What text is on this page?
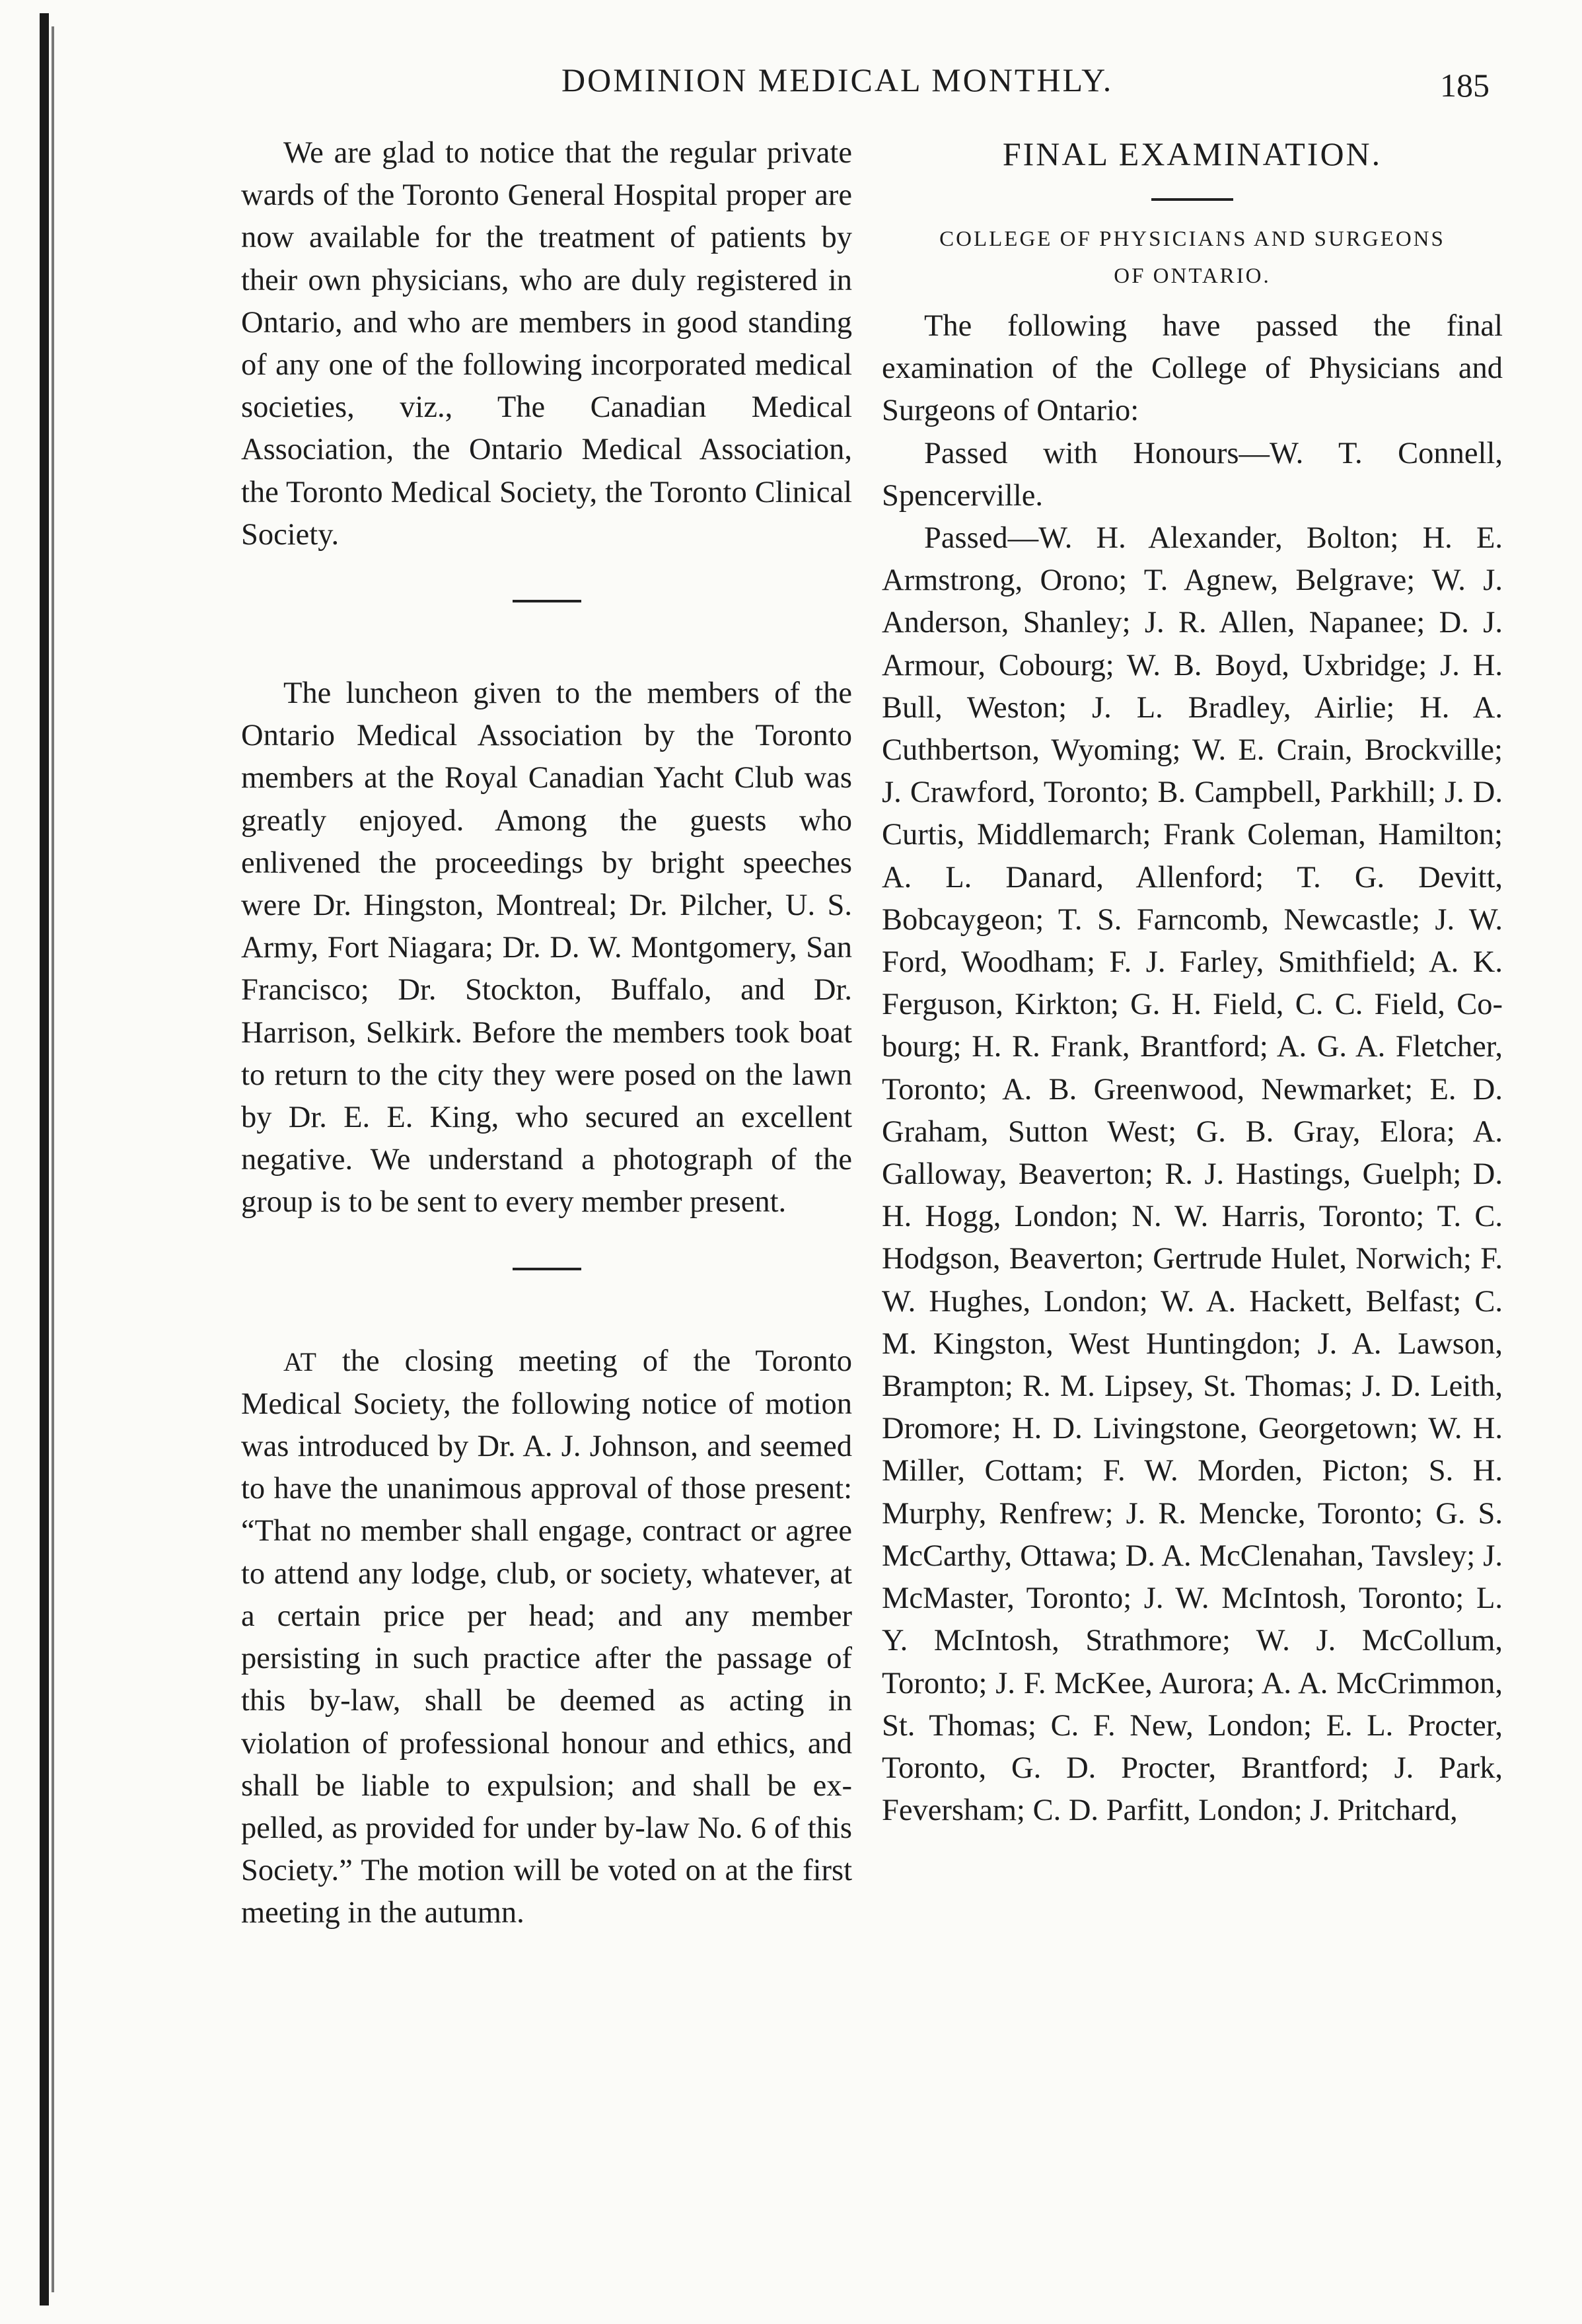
DOMINION MEDICAL MONTHLY.	185

We are glad to notice that the regular private wards of the Toronto General Hospital proper are now available for the treatment of patients by their own physicians, who are duly registered in Ontario, and who are members in good standing of any one of the following incorporated medical societies, viz., The Canadian Medical Association, the Ontario Medical Association, the Toronto Medical Society, the Toronto Clinical Society.

The luncheon given to the members of the Ontario Medical Association by the Toronto members at the Royal Canadian Yacht Club was greatly enjoyed. Among the guests who enlivened the proceedings by bright speeches were Dr. Hingston, Montreal; Dr. Pilcher, U. S. Army, Fort Niagara; Dr. D. W. Montgomery, San Francisco; Dr. Stockton, Buffalo, and Dr. Harrison, Selkirk. Before the members took boat to return to the city they were posed on the lawn by Dr. E. E. King, who secured an excellent negative. We understand a photograph of the group is to be sent to every member present.

AT the closing meeting of the Toronto Medical Society, the following notice of motion was introduced by Dr. A. J. Johnson, and seemed to have the unanimous approval of those present: “That no member shall engage, contract or agree to attend any lodge, club, or society, whatever, at a certain price per head; and any member persisting in such practice after the passage of this by-law, shall be deemed as acting in violation of professional honour and ethics, and shall be liable to expulsion; and shall be expelled, as provided for under by-law No. 6 of this Society.” The motion will be voted on at the first meeting in the autumn.

FINAL EXAMINATION.

COLLEGE OF PHYSICIANS AND SURGEONS

OF ONTARIO.

The following have passed the final examination of the College of Physicians and Surgeons of Ontario:

Passed with Honours—W. T. Connell, Spencerville.

Passed—W. H. Alexander, Bolton; H. E. Armstrong, Orono; T. Agnew, Belgrave; W. J. Anderson, Shanley; J. R. Allen, Napanee; D. J. Armour, Cobourg; W. B. Boyd, Uxbridge; J. H. Bull, Weston; J. L. Bradley, Airlie; H. A. Cuthbertson, Wyoming; W. E. Crain, Brockville; J. Crawford, Toronto; B. Campbell, Parkhill; J. D. Curtis, Middlemarch; Frank Coleman, Hamilton; A. L. Danard, Allenford; T. G. Devitt, Bobcaygeon; T. S. Farncomb, Newcastle; J. W. Ford, Woodham; F. J. Farley, Smithfield; A. K. Ferguson, Kirkton; G. H. Field, C. C. Field, Cobourg; H. R. Frank, Brantford; A. G. A. Fletcher, Toronto; A. B. Greenwood, Newmarket; E. D. Graham, Sutton West; G. B. Gray, Elora; A. Galloway, Beaverton; R. J. Hastings, Guelph; D. H. Hogg, London; N. W. Harris, Toronto; T. C. Hodgson, Beaverton; Gertrude Hulet, Norwich; F. W. Hughes, London; W. A. Hackett, Belfast; C. M. Kingston, West Huntingdon; J. A. Lawson, Brampton; R. M. Lipsey, St. Thomas; J. D. Leith, Dromore; H. D. Livingstone, Georgetown; W. H. Miller, Cottam; F. W. Morden, Picton; S. H. Murphy, Renfrew; J. R. Mencke, Toronto; G. S. McCarthy, Ottawa; D. A. McClenahan, Tavsley; J. McMaster, Toronto; J. W. McIntosh, Toronto; L. Y. McIntosh, Strathmore; W. J. McCollum, Toronto; J. F. McKee, Aurora; A. A. McCrimmon, St. Thomas; C. F. New, London; E. L. Procter, Toronto, G. D. Procter, Brantford; J. Park, Feversham; C. D. Parfitt, London; J. Pritchard,
